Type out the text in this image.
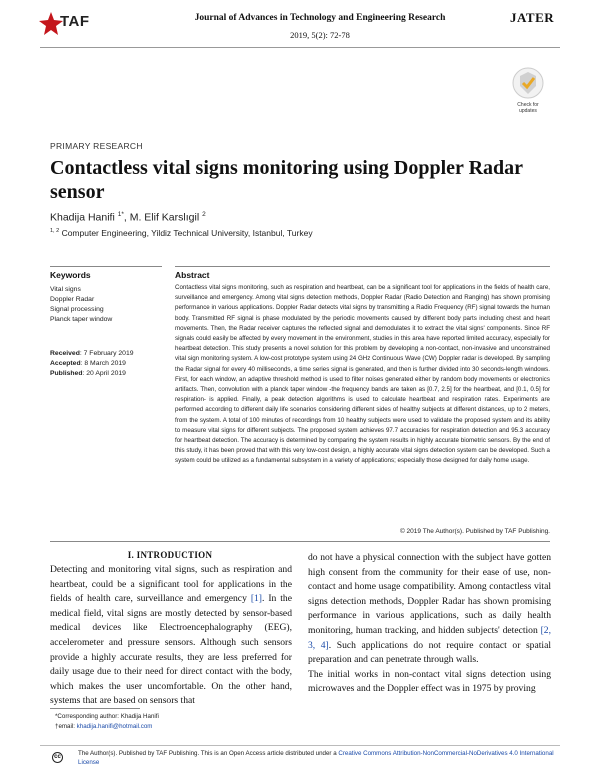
TAF	Journal of Advances in Technology and Engineering Research
2019, 5(2): 72-78
JATER
Check for updates
PRIMARY RESEARCH
Contactless vital signs monitoring using Doppler Radar sensor
Khadija Hanifi $^{1*}$, M. Elif Karslıgil $^2$
$^{1, 2}$ Computer Engineering, Yildiz Technical University, Istanbul, Turkey
Keywords
Vital signs
Doppler Radar
Signal processing
Planck taper window
Received: 7 February 2019
Accepted: 8 March 2019
Published: 20 April 2019
Abstract
Contactless vital signs monitoring, such as respiration and heartbeat, can be a significant tool for applications in the fields of health care, surveillance and emergency. Among vital signs detection methods, Doppler Radar (Radio Detection and Ranging) has shown promising performance in various applications. Doppler Radar detects vital signs by transmitting a Radio Frequency (RF) signal towards the human body. Transmitted RF signal is phase modulated by the periodic movements caused by different body parts including chest and heart movements. Then, the Radar receiver captures the reflected signal and demodulates it to extract the vital signs' components. Since RF signals could easily be affected by every movement in the environment, studies in this area have reported limited accuracy, especially for heartbeat detection. This study presents a novel solution for this problem by developing a non-contact, non-invasive and unconstrained vital sign monitoring system. A low-cost prototype system using 24 GHz Continuous Wave (CW) Doppler radar is developed. By sampling the Radar signal for every 40 milliseconds, a time series signal is generated, and then is further divided into 30 seconds-length windows. First, for each window, an adaptive threshold method is used to filter noises generated either by random body movements or electronics artifacts. Then, convolution with a planck taper window -the frequency bands are taken as [0.7, 2.5] for the heartbeat, and [0.1, 0.5] for respiration- is applied. Finally, a peak detection algorithms is used to calculate heartbeat and respiration rates. Experiments are performed according to different daily life scenarios considering different sides of healthy subjects at different distances, up to 2 meters, from the system. A total of 100 minutes of recordings from 10 healthy subjects were used to validate the proposed system and its ability to measure vital signs for different subjects. The proposed system achieves 97.7 accuracies for respiration detection and 95.3 accuracy for heartbeat detection. The accuracy is determined by comparing the system results in highly accurate biometric sensors. By the end of this study, it has been proved that with this very low-cost design, a highly accurate vital signs detection system can be developed. Such a system could be utilized as a fundamental subsystem in a variety of applications; especially those designed for daily home usage.
© 2019 The Author(s). Published by TAF Publishing.
I. INTRODUCTION
Detecting and monitoring vital signs, such as respiration and heartbeat, could be a significant tool for applications in the fields of health care, surveillance and emergency [1]. In the medical field, vital signs are mostly detected by sensor-based medical devices like Electroencephalography (EEG), accelerometer and pressure sensors. Although such sensors provide a highly accurate results, they are less preferred for daily usage due to their need for direct contact with the body, which makes the user uncomfortable. On the other hand, systems that are based on sensors that
do not have a physical connection with the subject have gotten high consent from the community for their ease of use, non-contact and home usage compatibility. Among contactless vital signs detection methods, Doppler Radar has shown promising performance in various applications, such as daily health monitoring, human tracking, and hidden subjects' detection [2, 3, 4]. Such applications do not require contact or spatial preparation and can penetrate through walls.
The initial works in non-contact vital signs detection using microwaves and the Doppler effect was in 1975 by proving
*Corresponding author: Khadija Hanifi
†email: khadija.hanifi@hotmail.com
cc	The Author(s). Published by TAF Publishing. This is an Open Access article distributed under a Creative Commons Attribution-NonCommercial-NoDerivatives 4.0 International License
